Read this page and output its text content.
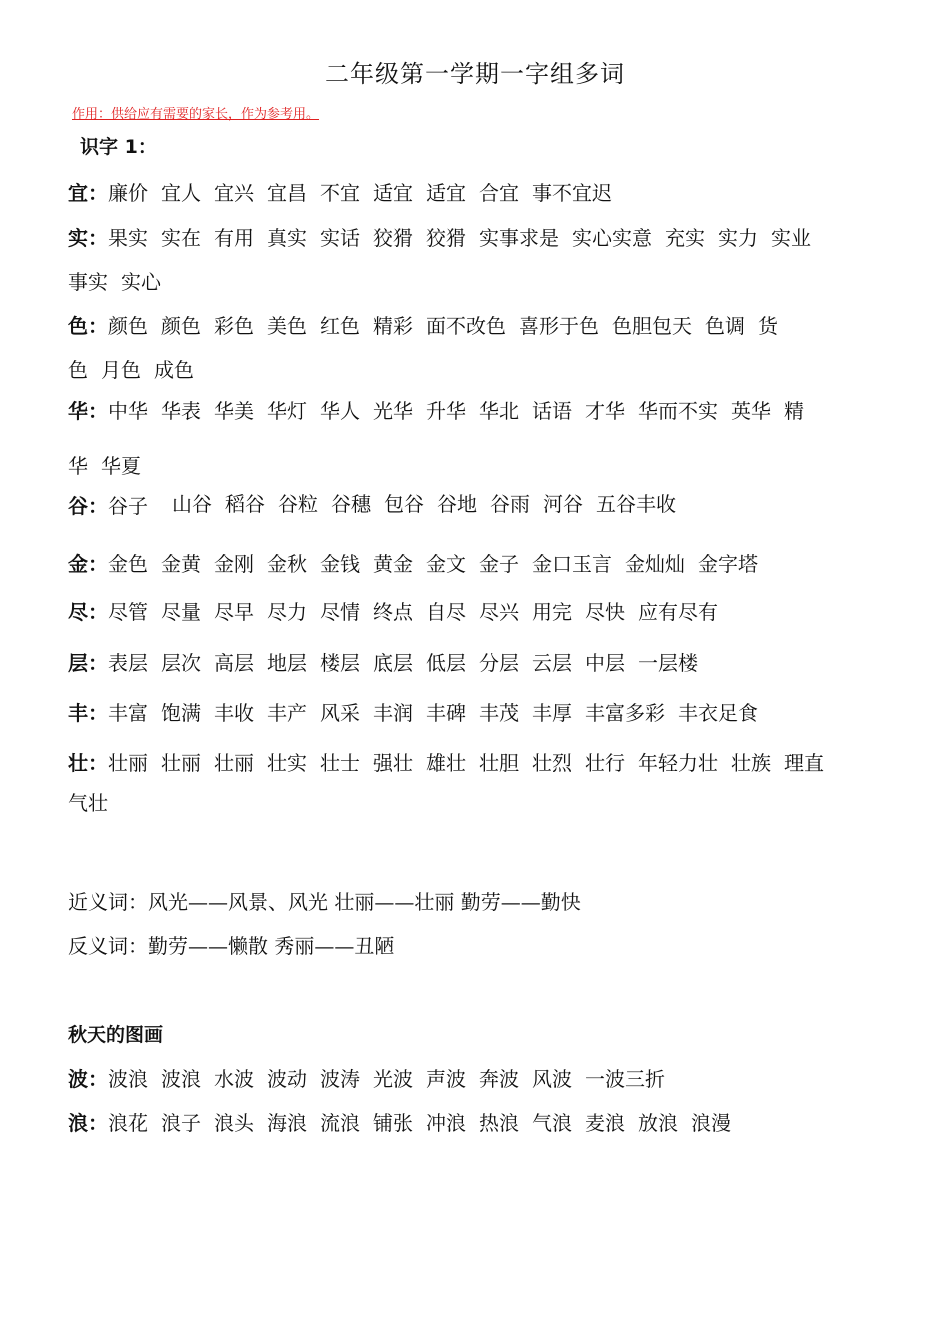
二年级第一学期一字组多词
作用：供给应有需要的家长，作为参考用。
识字 1：
宜：廉价 宜人 宜兴 宜昌 不宜 适宜 适宜 合宜 事不宜迟
实：果实 实在 有用 真实 实话 狡猾 狡猾 实事求是 实心实意 充实 实力 实业
事实 实心
色：颜色 颜色 彩色 美色 红色 精彩 面不改色 喜形于色 色胆包天 色调 货
色 月色 成色
华：中华 华表 华美 华灯 华人 光华 升华 华北 话语 才华 华而不实 英华 精
华 华夏
谷：谷子	山谷 稻谷 谷粒 谷穗 包谷 谷地 谷雨 河谷 五谷丰收
金：金色 金黄 金刚 金秋 金钱 黄金 金文 金子 金口玉言 金灿灿 金字塔
尽：尽管 尽量 尽早 尽力 尽情 终点 自尽 尽兴 用完 尽快 应有尽有
层：表层 层次 高层 地层 楼层 底层 低层 分层 云层 中层 一层楼
丰：丰富 饱满 丰收 丰产 风采 丰润 丰碑 丰茂 丰厚 丰富多彩 丰衣足食
壮：壮丽 壮丽 壮丽 壮实 壮士 强壮 雄壮 壮胆 壮烈 壮行 年轻力壮 壮族 理直
气壮
近义词：风光——风景、风光 壮丽——壮丽 勤劳——勤快
反义词：勤劳——懒散 秀丽——丑陋
秋天的图画
波：波浪 波浪 水波 波动 波涛 光波 声波 奔波 风波 一波三折
浪：浪花 浪子 浪头 海浪 流浪 铺张 冲浪 热浪 气浪 麦浪 放浪 浪漫
